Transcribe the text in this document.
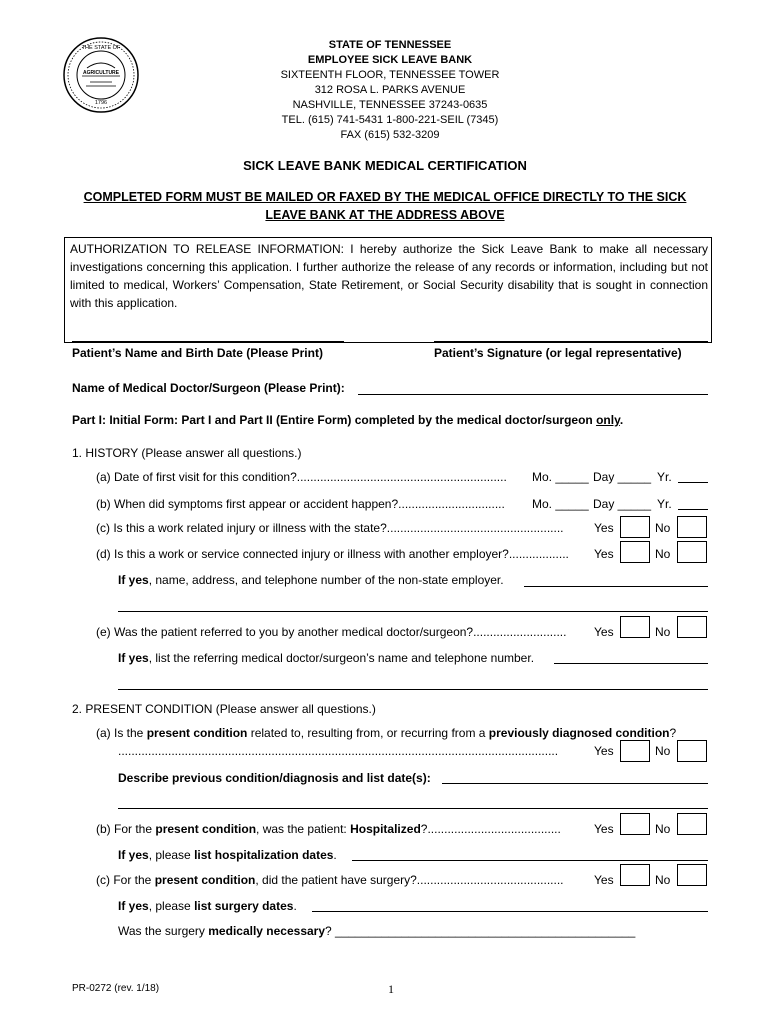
THE STATE OF
AGRICULTURE
1796
STATE OF TENNESSEE
EMPLOYEE SICK LEAVE BANK
SIXTEENTH FLOOR, TENNESSEE TOWER
312 ROSA L. PARKS AVENUE
NASHVILLE, TENNESSEE 37243-0635
TEL. (615) 741-5431 1-800-221-SEIL (7345)
FAX (615) 532-3209
SICK LEAVE BANK MEDICAL CERTIFICATION
COMPLETED FORM MUST BE MAILED OR FAXED BY THE MEDICAL OFFICE DIRECTLY TO THE SICK
LEAVE BANK AT THE ADDRESS ABOVE
AUTHORIZATION TO RELEASE INFORMATION: I hereby authorize the Sick Leave Bank to make all necessary investigations concerning this application. I further authorize the release of any records or information, including but not limited to medical, Workers’ Compensation, State Retirement, or Social Security disability that is sought in connection with this application.
Patient’s Name and Birth Date (Please Print)	Patient’s Signature (or legal representative)
Name of Medical Doctor/Surgeon (Please Print):
Part I: Initial Form: Part I and Part II (Entire Form) completed by the medical doctor/surgeon only.
1. HISTORY (Please answer all questions.)
(a) Date of first visit for this condition?............................................................... Mo. _____ Day _____ Yr.
(b) When did symptoms first appear or accident happen?................................ Mo. _____ Day _____ Yr.
(c) Is this a work related injury or illness with the state?.....................................................	Yes	No
(d) Is this a work or service connected injury or illness with another employer?.................. Yes	No
If yes, name, address, and telephone number of the non-state employer.
(e) Was the patient referred to you by another medical doctor/surgeon?............................ Yes	No
If yes, list the referring medical doctor/surgeon’s name and telephone number.
2. PRESENT CONDITION (Please answer all questions.)
(a) Is the present condition related to, resulting from, or recurring from a previously diagnosed condition?
....................................................................................................................................	Yes	No
Describe previous condition/diagnosis and list date(s):
(b) For the present condition, was the patient: Hospitalized?........................................	Yes	No
If yes, please list hospitalization dates.
(c) For the present condition, did the patient have surgery?............................................	Yes	No
If yes, please list surgery dates.
Was the surgery medically necessary? _____________________________________________
PR-0272 (rev. 1/18)	1
